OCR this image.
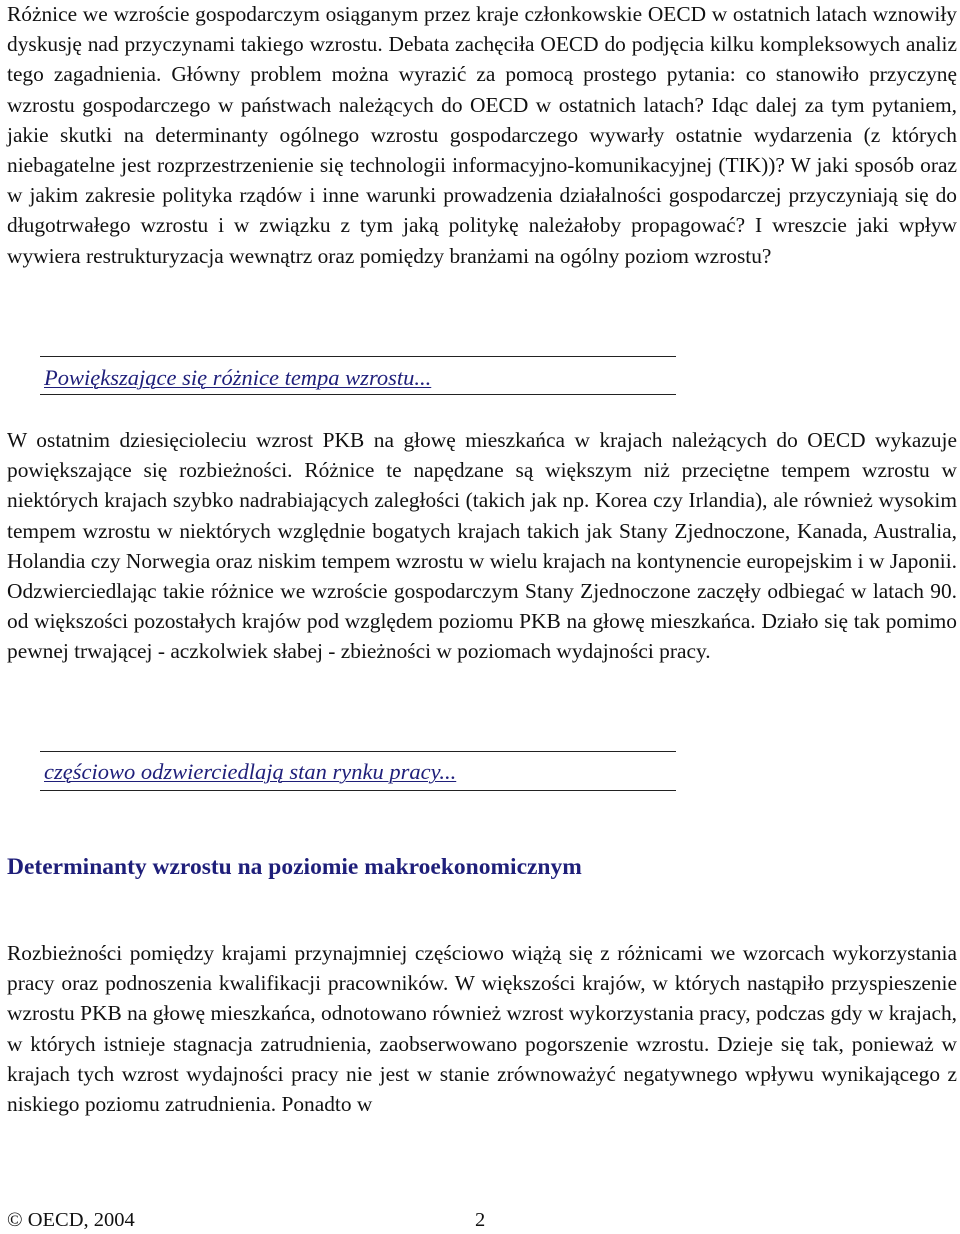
Różnice we wzroście gospodarczym osiąganym przez kraje członkowskie OECD w ostatnich latach wznowiły dyskusję nad przyczynami takiego wzrostu. Debata zachęciła OECD do podjęcia kilku kompleksowych analiz tego zagadnienia. Główny problem można wyrazić za pomocą prostego pytania: co stanowiło przyczynę wzrostu gospodarczego w państwach należących do OECD w ostatnich latach? Idąc dalej za tym pytaniem, jakie skutki na determinanty ogólnego wzrostu gospodarczego wywarły ostatnie wydarzenia (z których niebagatelne jest rozprzestrzenienie się technologii informacyjno-komunikacyjnej (TIK))? W jaki sposób oraz w jakim zakresie polityka rządów i inne warunki prowadzenia działalności gospodarczej przyczyniają się do długotrwałego wzrostu i w związku z tym jaką politykę należałoby propagować? I wreszcie jaki wpływ wywiera restrukturyzacja wewnątrz oraz pomiędzy branżami na ogólny poziom wzrostu?

Powiększające się różnice tempa wzrostu...

W ostatnim dziesięcioleciu wzrost PKB na głowę mieszkańca w krajach należących do OECD wykazuje powiększające się rozbieżności. Różnice te napędzane są większym niż przeciętne tempem wzrostu w niektórych krajach szybko nadrabiających zaległości (takich jak np. Korea czy Irlandia), ale również wysokim tempem wzrostu w niektórych względnie bogatych krajach takich jak Stany Zjednoczone, Kanada, Australia, Holandia czy Norwegia oraz niskim tempem wzrostu w wielu krajach na kontynencie europejskim i w Japonii. Odzwierciedlając takie różnice we wzroście gospodarczym Stany Zjednoczone zaczęły odbiegać w latach 90. od większości pozostałych krajów pod względem poziomu PKB na głowę mieszkańca. Działo się tak pomimo pewnej trwającej - aczkolwiek słabej - zbieżności w poziomach wydajności pracy.

częściowo odzwierciedlają stan rynku pracy...
Determinanty wzrostu na poziomie makroekonomicznym

Rozbieżności pomiędzy krajami przynajmniej częściowo wiążą się z różnicami we wzorcach wykorzystania pracy oraz podnoszenia kwalifikacji pracowników. W większości krajów, w których nastąpiło przyspieszenie wzrostu PKB na głowę mieszkańca, odnotowano również wzrost wykorzystania pracy, podczas gdy w krajach, w których istnieje stagnacja zatrudnienia, zaobserwowano pogorszenie wzrostu. Dzieje się tak, ponieważ w krajach tych wzrost wydajności pracy nie jest w stanie zrównoważyć negatywnego wpływu wynikającego z niskiego poziomu zatrudnienia. Ponadto w

© OECD, 2004	2
